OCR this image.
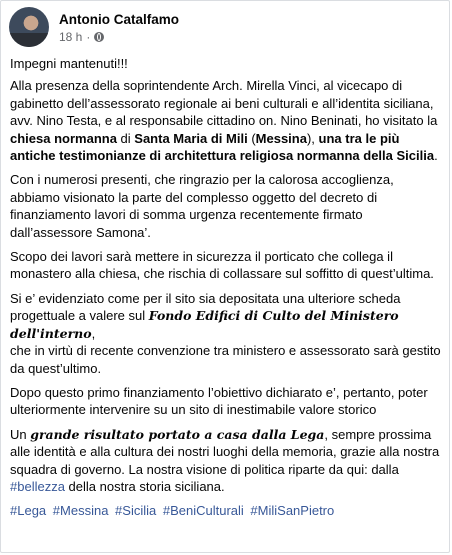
Antonio Catalfamo
18 h ·

Impegni mantenuti!!!

Alla presenza della soprintendente Arch. Mirella Vinci, al vicecapo di gabinetto dell’assessorato regionale ai beni culturali e all’identita siciliana, avv. Nino Testa, e al responsabile cittadino on. Nino Beninati, ho visitato la chiesa normanna di Santa Maria di Mili (Messina), una tra le più antiche testimonianze di architettura religiosa normanna della Sicilia.

Con i numerosi presenti, che ringrazio per la calorosa accoglienza, abbiamo visionato la parte del complesso oggetto del decreto di finanziamento lavori di somma urgenza recentemente firmato dall’assessore Samona’.

Scopo dei lavori sarà mettere in sicurezza il porticato che collega il monastero alla chiesa, che rischia di collassare sul soffitto di quest’ultima.

Si e’ evidenziato come per il sito sia depositata una ulteriore scheda progettuale a valere sul Fondo Edifici di Culto del Ministero dell'interno,
che in virtù di recente convenzione tra ministero e assessorato sarà gestito da quest’ultimo.

Dopo questo primo finanziamento l’obiettivo dichiarato e’, pertanto, poter ulteriormente intervenire su un sito di inestimabile valore storico

Un grande risultato portato a casa dalla Lega, sempre prossima alle identità e alla cultura dei nostri luoghi della memoria, grazie alla nostra squadra di governo. La nostra visione di politica riparte da qui: dalla #bellezza della nostra storia siciliana.

#Lega #Messina #Sicilia #BeniCulturali #MiliSanPietro
